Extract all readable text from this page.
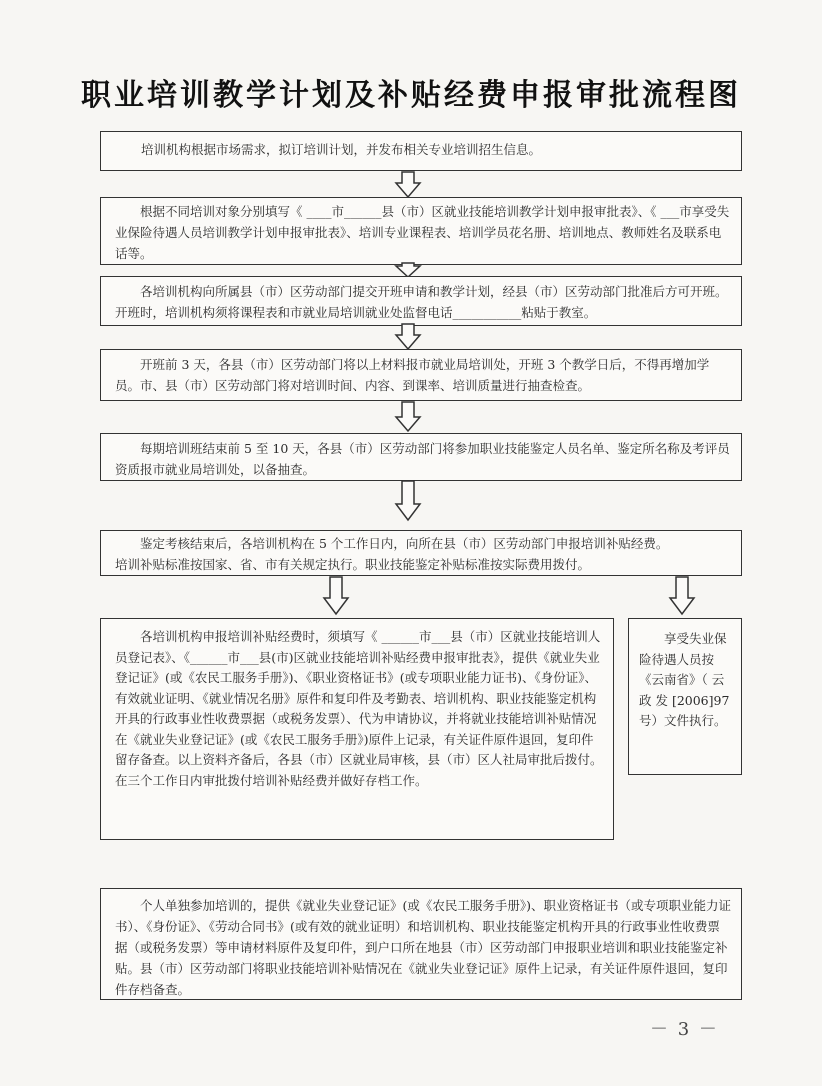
职业培训教学计划及补贴经费申报审批流程图

培训机构根据市场需求，拟订培训计划，并发布相关专业培训招生信息。

根据不同培训对象分别填写《 ____市______县（市）区就业技能培训教学计划申报审批表》、《 ___市享受失业保险待遇人员培训教学计划申报审批表》、培训专业课程表、培训学员花名册、培训地点、教师姓名及联系电话等。

各培训机构向所属县（市）区劳动部门提交开班申请和教学计划，经县（市）区劳动部门批准后方可开班。开班时，培训机构须将课程表和市就业局培训就业处监督电话___________粘贴于教室。

开班前 3 天，各县（市）区劳动部门将以上材料报市就业局培训处，开班 3 个教学日后，不得再增加学员。市、县（市）区劳动部门将对培训时间、内容、到课率、培训质量进行抽查检查。

每期培训班结束前 5 至 10 天，各县（市）区劳动部门将参加职业技能鉴定人员名单、鉴定所名称及考评员资质报市就业局培训处，以备抽查。

鉴定考核结束后，各培训机构在 5 个工作日内，向所在县（市）区劳动部门申报培训补贴经费。

培训补贴标准按国家、省、市有关规定执行。职业技能鉴定补贴标准按实际费用拨付。

各培训机构申报培训补贴经费时，须填写《 ______市___县（市）区就业技能培训人员登记表》、《______市___县(市)区就业技能培训补贴经费申报审批表》，提供《就业失业登记证》(或《农民工服务手册》)、《职业资格证书》(或专项职业能力证书)、《身份证》、有效就业证明、《就业情况名册》原件和复印件及考勤表、培训机构、职业技能鉴定机构开具的行政事业性收费票据（或税务发票）、代为申请协议，并将就业技能培训补贴情况在《就业失业登记证》(或《农民工服务手册》)原件上记录，有关证件原件退回，复印件留存备查。以上资料齐备后，各县（市）区就业局审核，县（市）区人社局审批后拨付。在三个工作日内审批拨付培训补贴经费并做好存档工作。

享受失业保险待遇人员按《云南省》（ 云 政 发 [2006]97 号）文件执行。

个人单独参加培训的，提供《就业失业登记证》(或《农民工服务手册》)、职业资格证书（或专项职业能力证书）、《身份证》、《劳动合同书》(或有效的就业证明）和培训机构、职业技能鉴定机构开具的行政事业性收费票据（或税务发票）等申请材料原件及复印件，到户口所在地县（市）区劳动部门申报职业培训和职业技能鉴定补贴。县（市）区劳动部门将职业技能培训补贴情况在《就业失业登记证》原件上记录，有关证件原件退回，复印件存档备查。

－ 3 －
